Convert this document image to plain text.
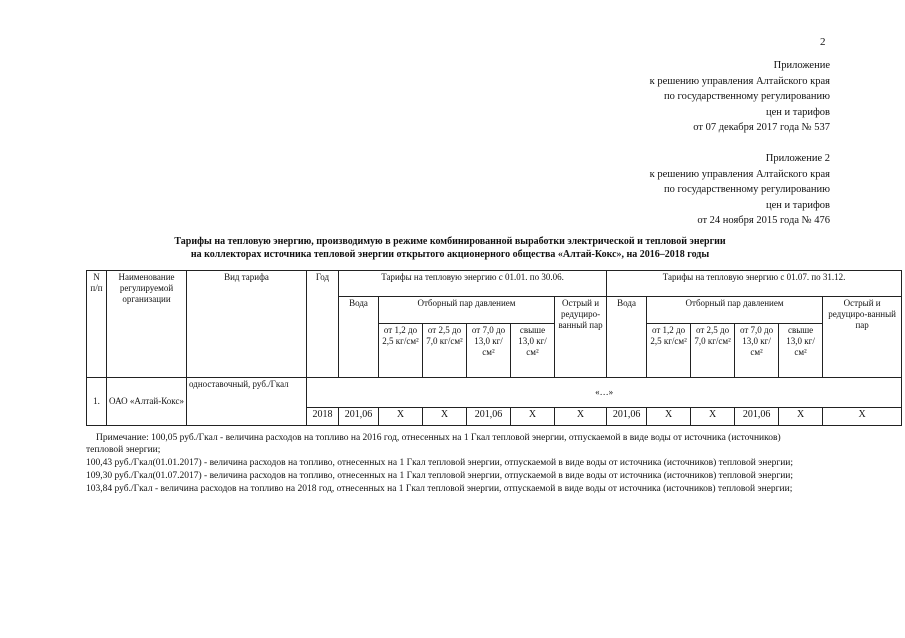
2
Приложение
к решению управления Алтайского края
по государственному регулированию
цен и тарифов
от 07 декабря 2017 года № 537
Приложение 2
к решению управления Алтайского края
по государственному регулированию
цен и тарифов
от 24 ноября 2015 года № 476
Тарифы на тепловую энергию, производимую в режиме комбинированной выработки электрической и тепловой энергии
на коллекторах источника тепловой энергии открытого акционерного общества «Алтай-Кокс», на 2016–2018 годы
N п/п	Наименование регулируемой организации	Вид тарифа	Год	Тарифы на тепловую энергию с 01.01. по 30.06.						Тарифы на тепловую энергию с 01.07. по 31.12.					
				Вода	Отборный пар давлением				Острый и редуциро-ванный пар	Вода	Отборный пар давлением				Острый и редуциро-ванный пар
					от 1,2 до 2,5 кг/см²	от 2,5 до 7,0 кг/см²	от 7,0 до 13,0 кг/см²	свыше 13,0 кг/см²			от 1,2 до 2,5 кг/см²	от 2,5 до 7,0 кг/см²	от 7,0 до 13,0 кг/см²	свыше 13,0 кг/см²	
1.	ОАО «Алтай-Кокс»	одноставочный, руб./Гкал	«…»												
			2018	201,06	Х	Х	201,06	Х	Х	201,06	Х	Х	201,06	Х	Х

Примечание: 100,05 руб./Гкал - величина расходов на топливо на 2016 год, отнесенных на 1 Гкал тепловой энергии, отпускаемой в виде воды от источника (источников) тепловой энергии;

100,43 руб./Гкал(01.01.2017) - величина расходов на топливо, отнесенных на 1 Гкал тепловой энергии, отпускаемой в виде воды от источника (источников) тепловой энергии;

109,30 руб./Гкал(01.07.2017) - величина расходов на топливо, отнесенных на 1 Гкал тепловой энергии, отпускаемой в виде воды от источника (источников) тепловой энергии;

103,84 руб./Гкал - величина расходов на топливо на 2018 год, отнесенных на 1 Гкал тепловой энергии, отпускаемой в виде воды от источника (источников) тепловой энергии;
